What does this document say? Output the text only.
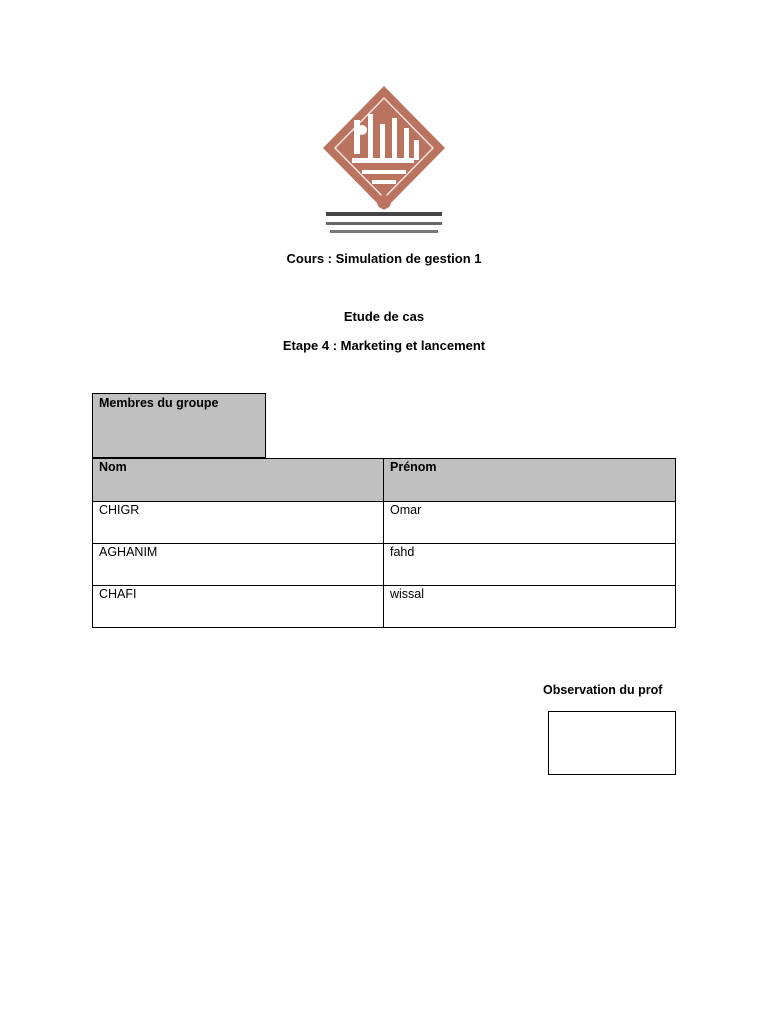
Cours : Simulation de gestion 1
Etude de cas
Etape 4 : Marketing et lancement
Membres du groupe
Nom	Prénom
CHIGR	Omar
AGHANIM	fahd
CHAFI	wissal
Observation du prof
